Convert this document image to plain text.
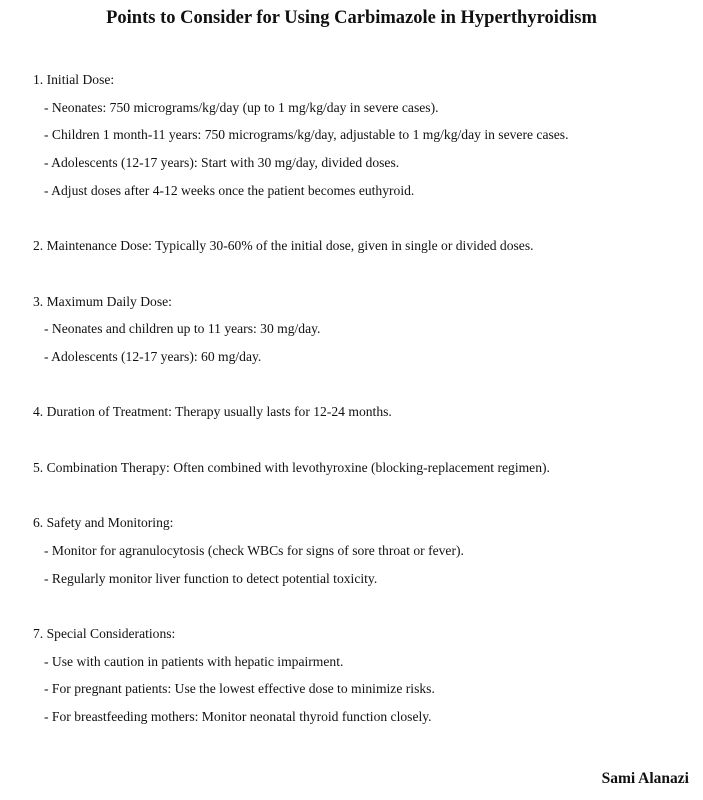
Points to Consider for Using Carbimazole in Hyperthyroidism

1. Initial Dose:

- Neonates: 750 micrograms/kg/day (up to 1 mg/kg/day in severe cases).

- Children 1 month-11 years: 750 micrograms/kg/day, adjustable to 1 mg/kg/day in severe cases.

- Adolescents (12-17 years): Start with 30 mg/day, divided doses.

- Adjust doses after 4-12 weeks once the patient becomes euthyroid.

2. Maintenance Dose: Typically 30-60% of the initial dose, given in single or divided doses.

3. Maximum Daily Dose:

- Neonates and children up to 11 years: 30 mg/day.

- Adolescents (12-17 years): 60 mg/day.

4. Duration of Treatment: Therapy usually lasts for 12-24 months.

5. Combination Therapy: Often combined with levothyroxine (blocking-replacement regimen).

6. Safety and Monitoring:

- Monitor for agranulocytosis (check WBCs for signs of sore throat or fever).

- Regularly monitor liver function to detect potential toxicity.

7. Special Considerations:

- Use with caution in patients with hepatic impairment.

- For pregnant patients: Use the lowest effective dose to minimize risks.

- For breastfeeding mothers: Monitor neonatal thyroid function closely.

Sami Alanazi
